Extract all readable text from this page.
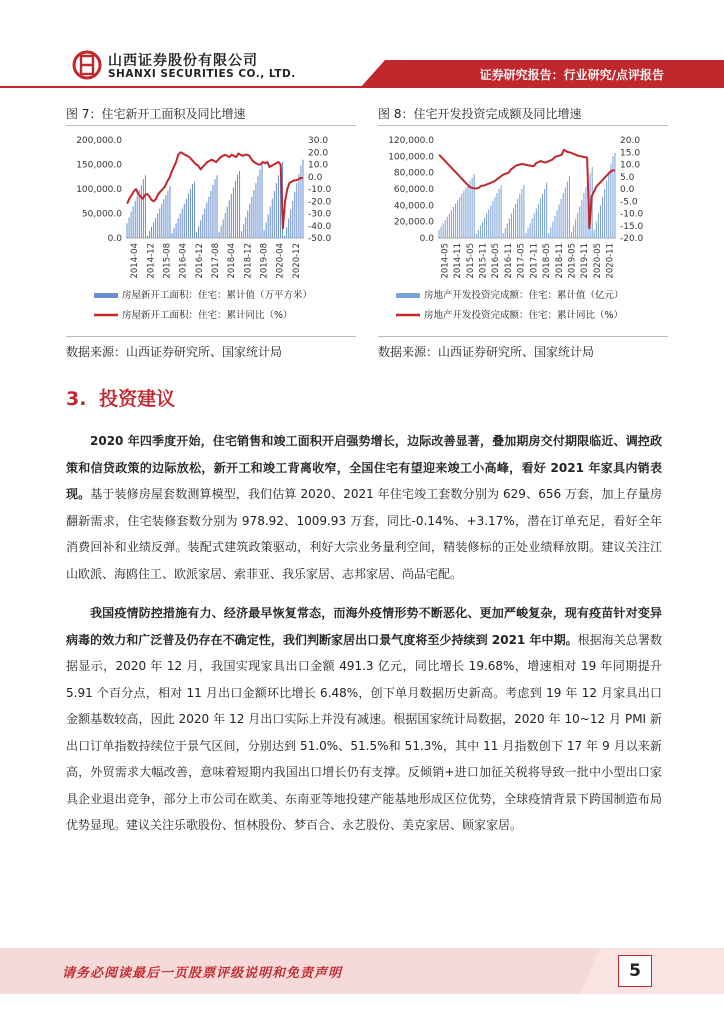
证券研究报告：行业研究/点评报告
山西证券股份有限公司
SHANXI SECURITIES CO., LTD.
图 7：住宅新开工面积及同比增速
200,000.0
150,000.0
100,000.0
50,000.0
0.0
30.0
20.0
10.0
0.0
-10.0
-20.0
-30.0
-40.0
-50.0
2014-04 2014-12 2015-08 2016-04 2016-12 2017-08 2018-04 2018-12 2019-08 2020-04 2020-12
房屋新开工面积：住宅：累计值（万平方米）
房屋新开工面积：住宅：累计同比（%）
数据来源：山西证券研究所、国家统计局
图 8：住宅开发投资完成额及同比增速
120,000.0
100,000.0
80,000.0
60,000.0
40,000.0
20,000.0
0.0
20.0
15.0
10.0
5.0
0.0
-5.0
-10.0
-15.0
-20.0
2014-05 2014-11 2015-05 2015-11 2016-05 2016-11 2017-05 2017-11 2018-05 2018-11 2019-05 2019-11 2020-05 2020-11
房地产开发投资完成额：住宅：累计值（亿元）
房地产开发投资完成额：住宅：累计同比（%）
数据来源：山西证券研究所、国家统计局
3. 投资建议
2020 年四季度开始，住宅销售和竣工面积开启强势增长，边际改善显著，叠加期房交付期限临近、调控政策和信贷政策的边际放松，新开工和竣工背离收窄，全国住宅有望迎来竣工小高峰，看好 2021 年家具内销表现。基于装修房屋套数测算模型，我们估算 2020、2021 年住宅竣工套数分别为 629、656 万套，加上存量房翻新需求，住宅装修套数分别为 978.92、1009.93 万套，同比-0.14%、+3.17%，潜在订单充足，看好全年消费回补和业绩反弹。装配式建筑政策驱动，利好大宗业务量利空间，精装修标的正处业绩释放期。建议关注江山欧派、海鸥住工、欧派家居、索菲亚、我乐家居、志邦家居、尚品宅配。
我国疫情防控措施有力、经济最早恢复常态，而海外疫情形势不断恶化、更加严峻复杂，现有疫苗针对变异病毒的效力和广泛普及仍存在不确定性，我们判断家居出口景气度将至少持续到 2021 年中期。根据海关总署数据显示，2020 年 12 月，我国实现家具出口金额 491.3 亿元，同比增长 19.68%，增速相对 19 年同期提升 5.91 个百分点，相对 11 月出口金额环比增长 6.48%，创下单月数据历史新高。考虑到 19 年 12 月家具出口金额基数较高，因此 2020 年 12 月出口实际上并没有减速。根据国家统计局数据，2020 年 10~12 月 PMI 新出口订单指数持续位于景气区间，分别达到 51.0%、51.5%和 51.3%，其中 11 月指数创下 17 年 9 月以来新高，外贸需求大幅改善，意味着短期内我国出口增长仍有支撑。反倾销+进口加征关税将导致一批中小型出口家具企业退出竞争，部分上市公司在欧美、东南亚等地投建产能基地形成区位优势，全球疫情背景下跨国制造布局优势显现。建议关注乐歌股份、恒林股份、梦百合、永艺股份、美克家居、顾家家居。
请务必阅读最后一页股票评级说明和免责声明	5
